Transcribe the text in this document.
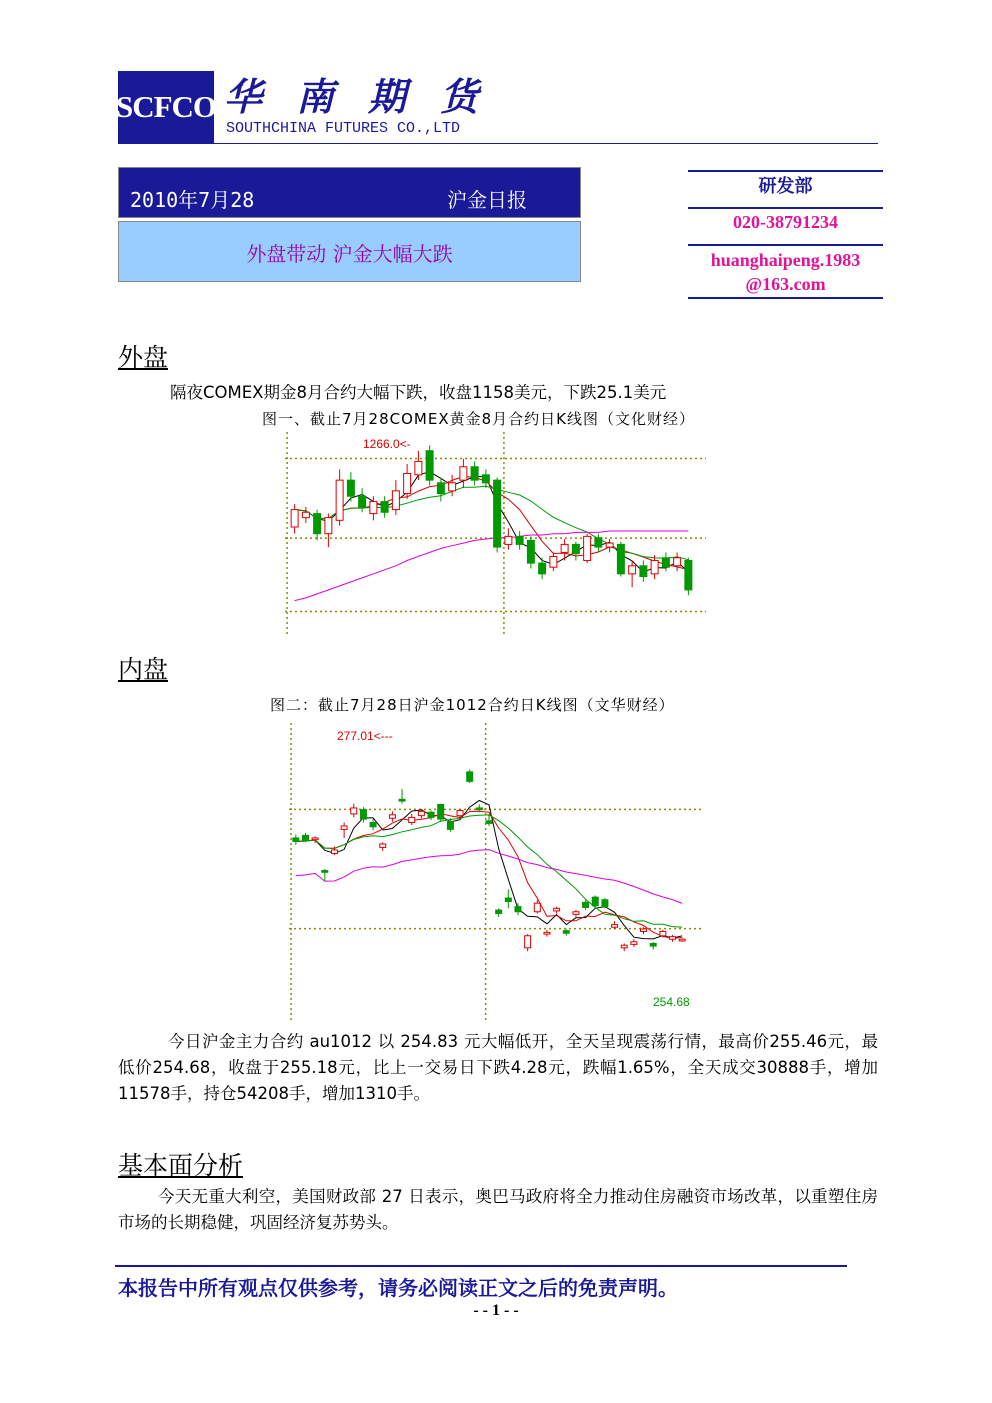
SCFCO 华南期货
SOUTHCHINA FUTURES CO.,LTD
2010年7月28	沪金日报
外盘带动 沪金大幅大跌
研发部
020-38791234
huanghaipeng.1983
@163.com
外盘
隔夜COMEX期金8月合约大幅下跌，收盘1158美元，下跌25.1美元
图一、截止7月28COMEX黄金8月合约日K线图（文化财经）
1266.0<-
内盘
图二：截止7月28日沪金1012合约日K线图（文华财经）
277.01<---
254.68
今日沪金主力合约 au1012 以 254.83 元大幅低开，全天呈现震荡行情，最高价255.46元，最低价254.68，收盘于255.18元，比上一交易日下跌4.28元，跌幅1.65%，全天成交30888手，增加11578手，持仓54208手，增加1310手。
基本面分析
今天无重大利空，美国财政部 27 日表示，奥巴马政府将全力推动住房融资市场改革，以重塑住房市场的长期稳健，巩固经济复苏势头。
本报告中所有观点仅供参考，请务必阅读正文之后的免责声明。
- - 1 - -
